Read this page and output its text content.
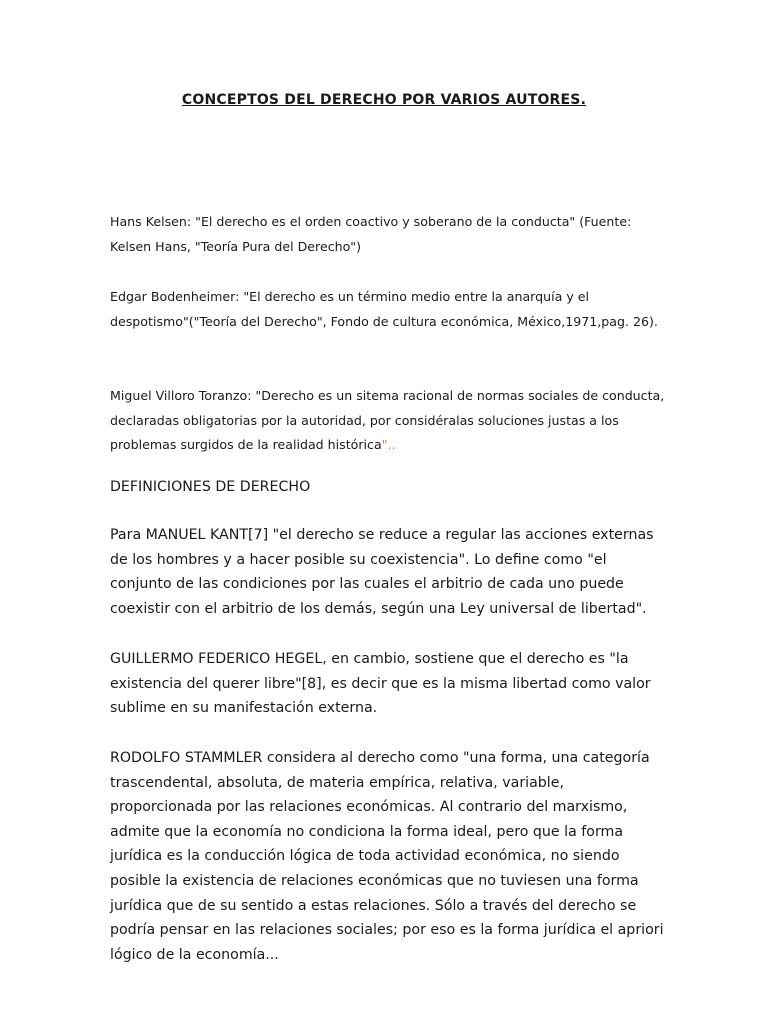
CONCEPTOS DEL DERECHO POR VARIOS AUTORES.

Hans Kelsen: "El derecho es el orden coactivo y soberano de la conducta" (Fuente: Kelsen Hans, "Teoría Pura del Derecho")

Edgar Bodenheimer: "El derecho es un término medio entre la anarquía y el despotismo"("Teoría del Derecho", Fondo de cultura económica, México,1971,pag. 26).

Miguel Villoro Toranzo: "Derecho es un sitema racional de normas sociales de conducta, declaradas obligatorias por la autoridad, por considéralas soluciones justas a los problemas surgidos de la realidad histórica"..

DEFINICIONES DE DERECHO

Para MANUEL KANT[7] "el derecho se reduce a regular las acciones externas de los hombres y a hacer posible su coexistencia". Lo define como "el conjunto de las condiciones por las cuales el arbitrio de cada uno puede coexistir con el arbitrio de los demás, según una Ley universal de libertad".

GUILLERMO FEDERICO HEGEL, en cambio, sostiene que el derecho es "la existencia del querer libre"[8], es decir que es la misma libertad como valor sublime en su manifestación externa.

RODOLFO STAMMLER considera al derecho como "una forma, una categoría trascendental, absoluta, de materia empírica, relativa, variable, proporcionada por las relaciones económicas. Al contrario del marxismo, admite que la economía no condiciona la forma ideal, pero que la forma jurídica es la conducción lógica de toda actividad económica, no siendo posible la existencia de relaciones económicas que no tuviesen una forma jurídica que de su sentido a estas relaciones. Sólo a través del derecho se podría pensar en las relaciones sociales; por eso es la forma jurídica el apriori lógico de la economía...
